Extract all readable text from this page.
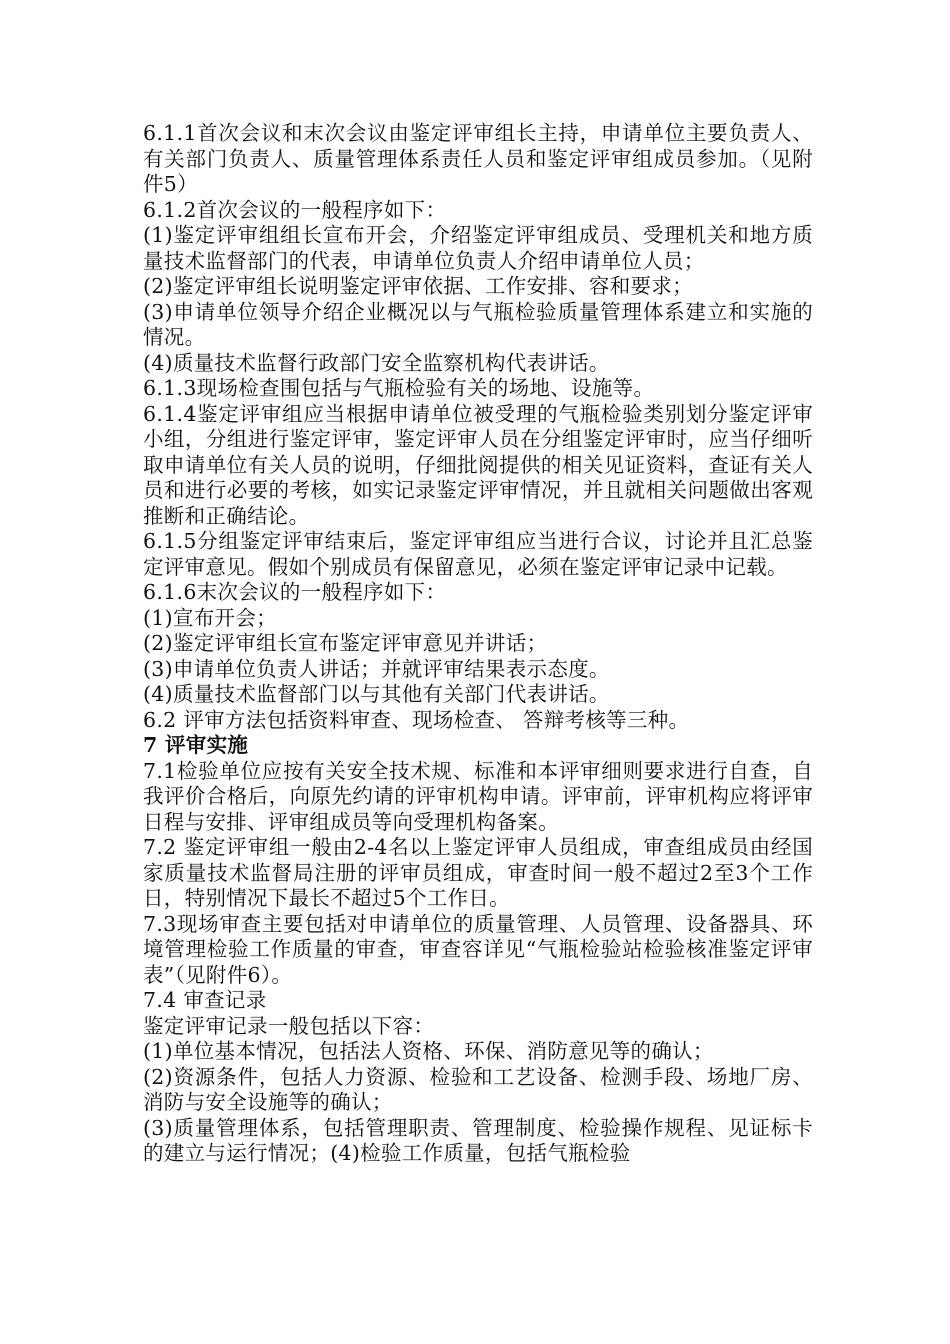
6.1.1首次会议和末次会议由鉴定评审组长主持，申请单位主要负责人、有关部门负责人、质量管理体系责任人员和鉴定评审组成员参加。（见附件5）

6.1.2首次会议的一般程序如下：

(1)鉴定评审组组长宣布开会，介绍鉴定评审组成员、受理机关和地方质量技术监督部门的代表，申请单位负责人介绍申请单位人员；

(2)鉴定评审组长说明鉴定评审依据、工作安排、容和要求；

(3)申请单位领导介绍企业概况以与气瓶检验质量管理体系建立和实施的情况。

(4)质量技术监督行政部门安全监察机构代表讲话。

6.1.3现场检查围包括与气瓶检验有关的场地、设施等。

6.1.4鉴定评审组应当根据申请单位被受理的气瓶检验类别划分鉴定评审小组，分组进行鉴定评审，鉴定评审人员在分组鉴定评审时，应当仔细听取申请单位有关人员的说明，仔细批阅提供的相关见证资料，查证有关人员和进行必要的考核，如实记录鉴定评审情况，并且就相关问题做出客观推断和正确结论。

6.1.5分组鉴定评审结束后，鉴定评审组应当进行合议，讨论并且汇总鉴定评审意见。假如个别成员有保留意见，必须在鉴定评审记录中记载。

6.1.6末次会议的一般程序如下：

(1)宣布开会；

(2)鉴定评审组长宣布鉴定评审意见并讲话；

(3)申请单位负责人讲话；并就评审结果表示态度。

(4)质量技术监督部门以与其他有关部门代表讲话。

6.2 评审方法包括资料审查、现场检查、 答辩考核等三种。

7 评审实施

7.1检验单位应按有关安全技术规、标准和本评审细则要求进行自查，自我评价合格后，向原先约请的评审机构申请。评审前，评审机构应将评审日程与安排、评审组成员等向受理机构备案。

7.2 鉴定评审组一般由2-4名以上鉴定评审人员组成，审查组成员由经国家质量技术监督局注册的评审员组成，审查时间一般不超过2至3个工作日，特别情况下最长不超过5个工作日。

7.3现场审查主要包括对申请单位的质量管理、人员管理、设备器具、环境管理检验工作质量的审查，审查容详见“气瓶检验站检验核准鉴定评审表”（见附件6）。

7.4 审查记录

鉴定评审记录一般包括以下容：

(1)单位基本情况，包括法人资格、环保、消防意见等的确认；

(2)资源条件，包括人力资源、检验和工艺设备、检测手段、场地厂房、消防与安全设施等的确认；

(3)质量管理体系，包括管理职责、管理制度、检验操作规程、见证标卡的建立与运行情况；(4)检验工作质量，包括气瓶检验
